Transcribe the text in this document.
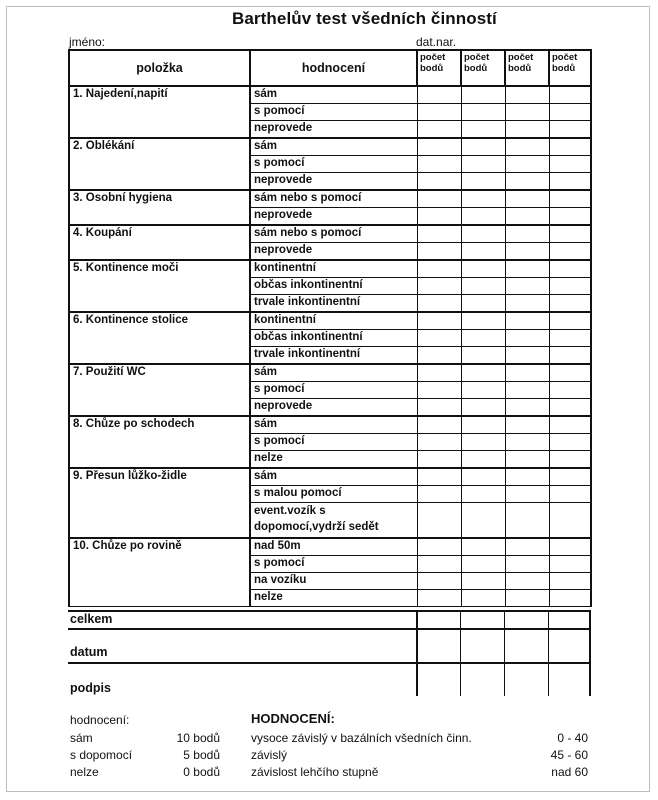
Barthelův test všedních činností
jméno:	dat.nar.
položka	hodnocení	počet bodů	počet bodů	počet bodů	počet bodů
1. Najedení,napití	sám				
	s pomocí				
	neprovede				
2. Oblékání	sám				
	s pomocí				
	neprovede				
3. Osobní hygiena	sám nebo s pomocí				
	neprovede				
4. Koupání	sám nebo s pomocí				
	neprovede				
5. Kontinence moči	kontinentní				
	občas inkontinentní				
	trvale inkontinentní				
6. Kontinence stolice	kontinentní				
	občas inkontinentní				
	trvale inkontinentní				
7. Použití WC	sám				
	s pomocí				
	neprovede				
8. Chůze po schodech	sám				
	s pomocí				
	nelze				
9. Přesun lůžko-židle	sám				
	s malou pomocí				
	event.vozík s dopomocí,vydrží sedět				
10. Chůze po rovině	nad 50m				
	s pomocí				
	na vozíku				
	nelze				
celkem
datum
podpis
hodnocení:
sám	10 bodů
s dopomocí	5 bodů
nelze	0 bodů
HODNOCENÍ:
vysoce závislý v bazálních všedních činn.	0 - 40
závislý	45 - 60
závislost lehčího stupně	nad 60
